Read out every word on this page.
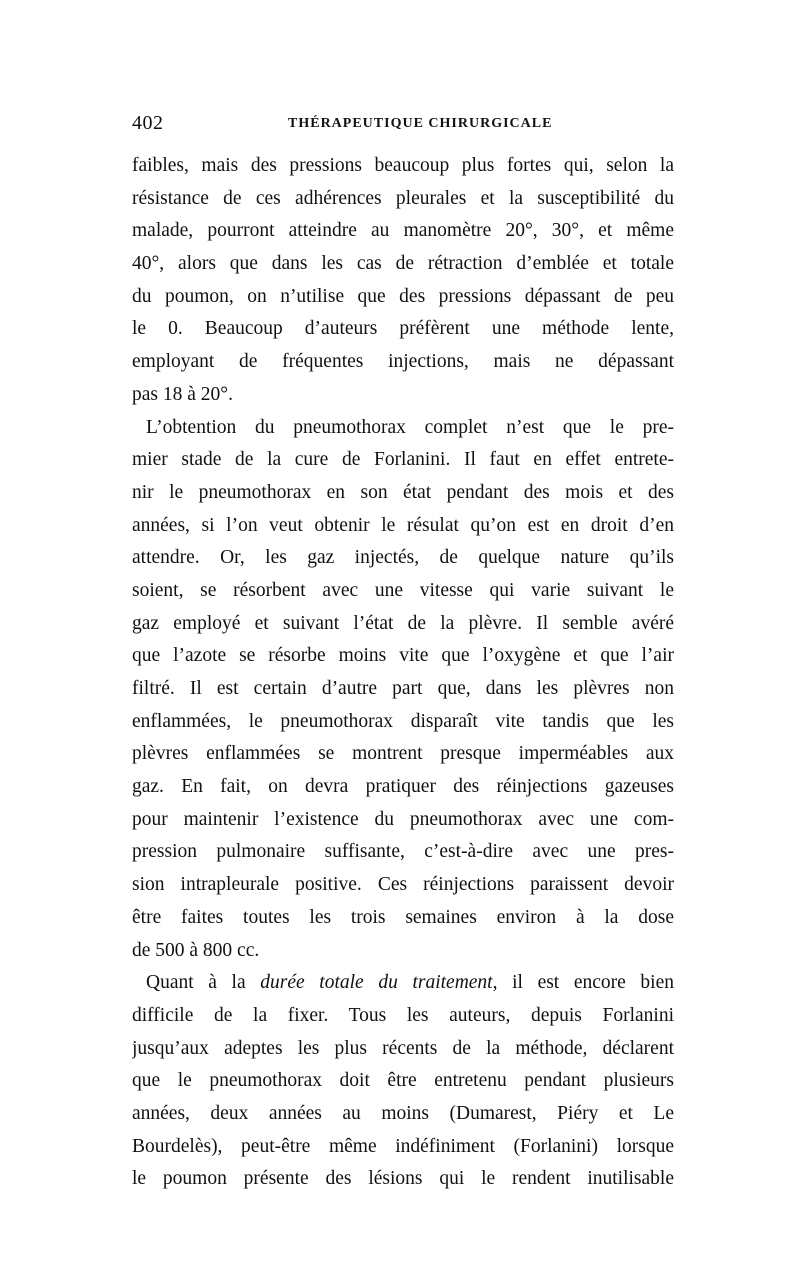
402	THÉRAPEUTIQUE CHIRURGICALE
faibles, mais des pressions beaucoup plus fortes qui, selon la
résistance de ces adhérences pleurales et la susceptibilité du
malade, pourront atteindre au manomètre 20°, 30°, et même
40°, alors que dans les cas de rétraction d’emblée et totale
du poumon, on n’utilise que des pressions dépassant de peu
le 0. Beaucoup d’auteurs préfèrent une méthode lente,
employant de fréquentes injections, mais ne dépassant
pas 18 à 20°.
L’obtention du pneumothorax complet n’est que le pre-
mier stade de la cure de Forlanini. Il faut en effet entrete-
nir le pneumothorax en son état pendant des mois et des
années, si l’on veut obtenir le résulat qu’on est en droit d’en
attendre. Or, les gaz injectés, de quelque nature qu’ils
soient, se résorbent avec une vitesse qui varie suivant le
gaz employé et suivant l’état de la plèvre. Il semble avéré
que l’azote se résorbe moins vite que l’oxygène et que l’air
filtré. Il est certain d’autre part que, dans les plèvres non
enflammées, le pneumothorax disparaît vite tandis que les
plèvres enflammées se montrent presque imperméables aux
gaz. En fait, on devra pratiquer des réinjections gazeuses
pour maintenir l’existence du pneumothorax avec une com-
pression pulmonaire suffisante, c’est-à-dire avec une pres-
sion intrapleurale positive. Ces réinjections paraissent devoir
être faites toutes les trois semaines environ à la dose
de 500 à 800 cc.
Quant à la durée totale du traitement, il est encore bien
difficile de la fixer. Tous les auteurs, depuis Forlanini
jusqu’aux adeptes les plus récents de la méthode, déclarent
que le pneumothorax doit être entretenu pendant plusieurs
années, deux années au moins (Dumarest, Piéry et Le
Bourdelès), peut-être même indéfiniment (Forlanini) lorsque
le poumon présente des lésions qui le rendent inutilisable
